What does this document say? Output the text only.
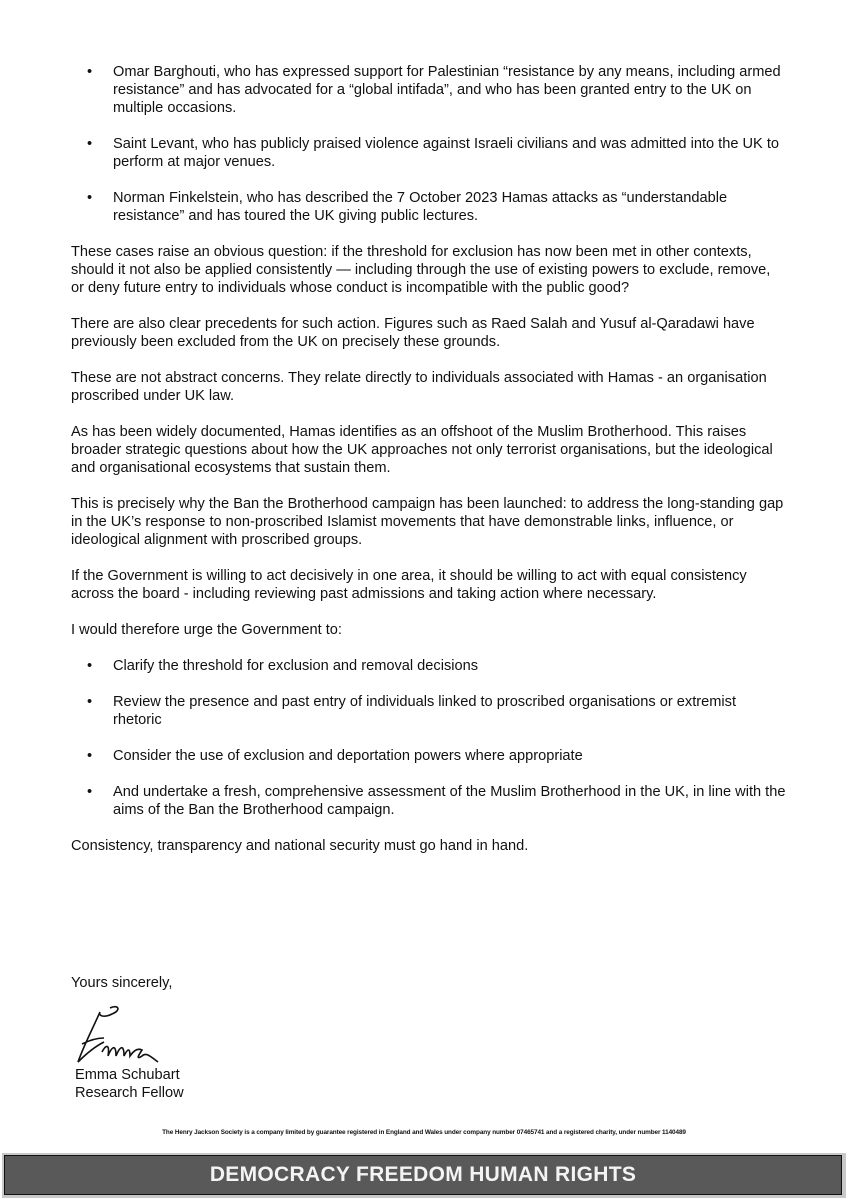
• Omar Barghouti, who has expressed support for Palestinian “resistance by any means, including armed resistance” and has advocated for a “global intifada”, and who has been granted entry to the UK on multiple occasions.
• Saint Levant, who has publicly praised violence against Israeli civilians and was admitted into the UK to perform at major venues.
• Norman Finkelstein, who has described the 7 October 2023 Hamas attacks as “understandable resistance” and has toured the UK giving public lectures.

These cases raise an obvious question: if the threshold for exclusion has now been met in other contexts, should it not also be applied consistently — including through the use of existing powers to exclude, remove, or deny future entry to individuals whose conduct is incompatible with the public good?

There are also clear precedents for such action. Figures such as Raed Salah and Yusuf al-Qaradawi have previously been excluded from the UK on precisely these grounds.

These are not abstract concerns. They relate directly to individuals associated with Hamas - an organisation proscribed under UK law.

As has been widely documented, Hamas identifies as an offshoot of the Muslim Brotherhood. This raises broader strategic questions about how the UK approaches not only terrorist organisations, but the ideological and organisational ecosystems that sustain them.

This is precisely why the Ban the Brotherhood campaign has been launched: to address the long-standing gap in the UK’s response to non-proscribed Islamist movements that have demonstrable links, influence, or ideological alignment with proscribed groups.

If the Government is willing to act decisively in one area, it should be willing to act with equal consistency across the board - including reviewing past admissions and taking action where necessary.

I would therefore urge the Government to:

• Clarify the threshold for exclusion and removal decisions
• Review the presence and past entry of individuals linked to proscribed organisations or extremist rhetoric
• Consider the use of exclusion and deportation powers where appropriate
• And undertake a fresh, comprehensive assessment of the Muslim Brotherhood in the UK, in line with the aims of the Ban the Brotherhood campaign.

Consistency, transparency and national security must go hand in hand.

Yours sincerely,
Emma Schubart
Research Fellow
The Henry Jackson Society is a company limited by guarantee registered in England and Wales under company number 07465741 and a registered charity, under number 1140489
DEMOCRACY FREEDOM HUMAN RIGHTS
